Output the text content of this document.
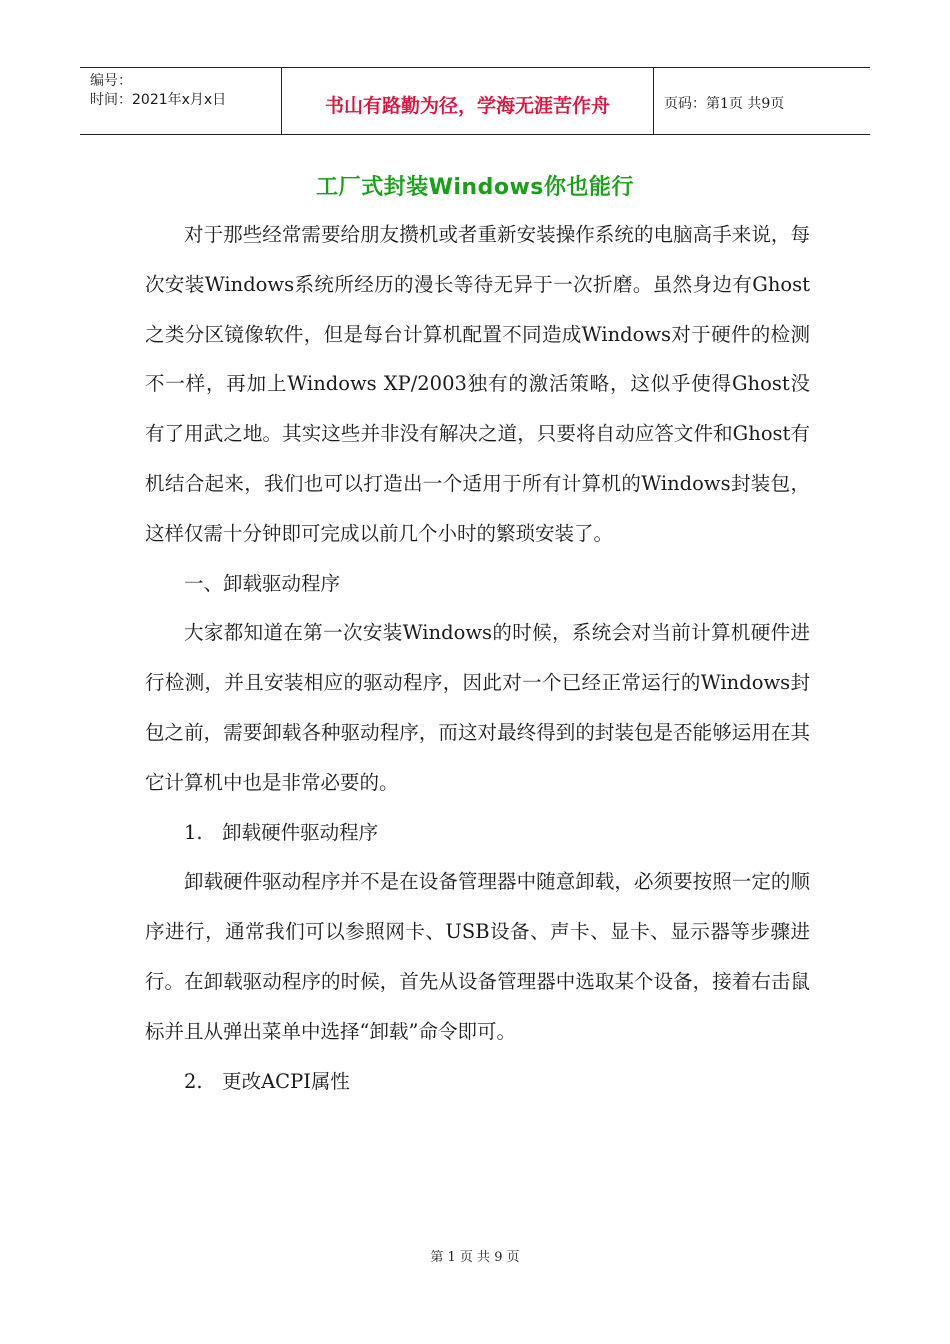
编号：
时间：2021年x月x日	书山有路勤为径，学海无涯苦作舟	页码：第1页 共9页
工厂式封装Windows你也能行

对于那些经常需要给朋友攒机或者重新安装操作系统的电脑高手来说，每次安装Windows系统所经历的漫长等待无异于一次折磨。虽然身边有Ghost之类分区镜像软件，但是每台计算机配置不同造成Windows对于硬件的检测不一样，再加上Windows XP/2003独有的激活策略，这似乎使得Ghost没有了用武之地。其实这些并非没有解决之道，只要将自动应答文件和Ghost有机结合起来，我们也可以打造出一个适用于所有计算机的Windows封装包，这样仅需十分钟即可完成以前几个小时的繁琐安装了。

一、卸载驱动程序

大家都知道在第一次安装Windows的时候，系统会对当前计算机硬件进行检测，并且安装相应的驱动程序，因此对一个已经正常运行的Windows封包之前，需要卸载各种驱动程序，而这对最终得到的封装包是否能够运用在其它计算机中也是非常必要的。

1.　卸载硬件驱动程序

卸载硬件驱动程序并不是在设备管理器中随意卸载，必须要按照一定的顺序进行，通常我们可以参照网卡、USB设备、声卡、显卡、显示器等步骤进行。在卸载驱动程序的时候，首先从设备管理器中选取某个设备，接着右击鼠标并且从弹出菜单中选择“卸载”命令即可。

2.　更改ACPI属性

第 1 页 共 9 页
